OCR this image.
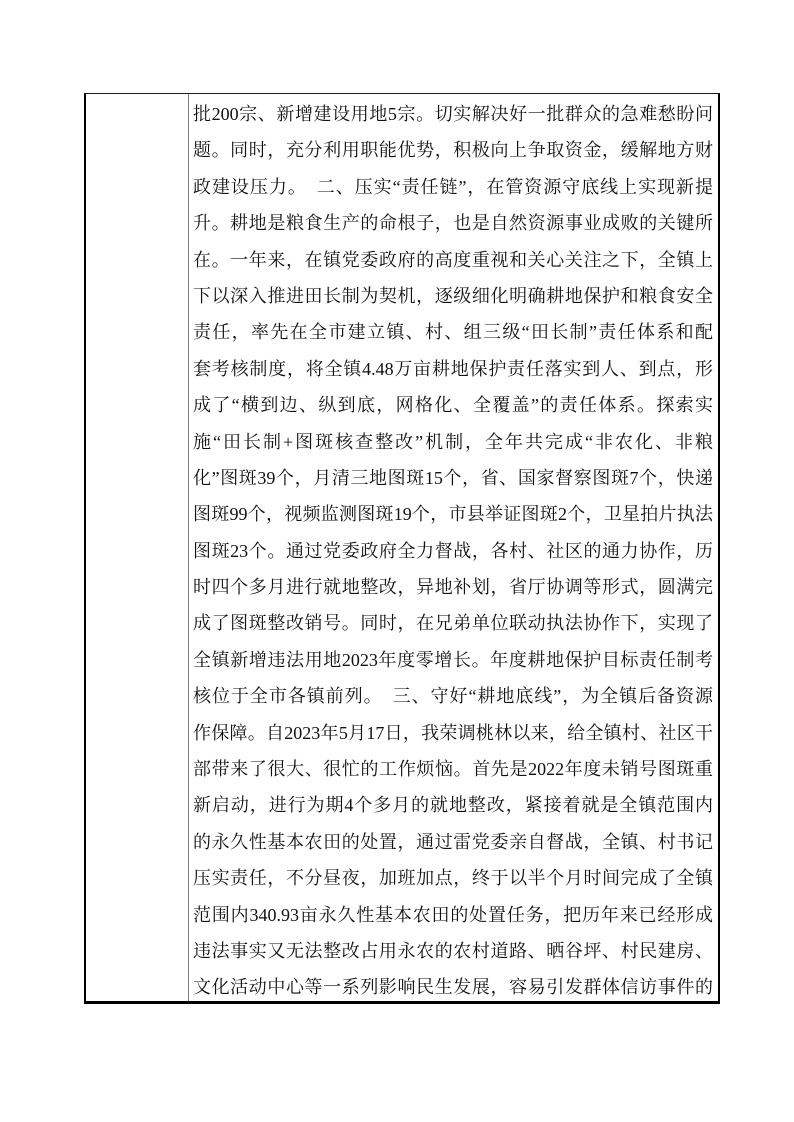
批200宗、新增建设用地5宗。切实解决好一批群众的急难愁盼问
题。同时，充分利用职能优势，积极向上争取资金，缓解地方财
政建设压力。　二、压实“责任链”，在管资源守底线上实现新提
升。耕地是粮食生产的命根子，也是自然资源事业成败的关键所
在。一年来，在镇党委政府的高度重视和关心关注之下，全镇上
下以深入推进田长制为契机，逐级细化明确耕地保护和粮食安全
责任，率先在全市建立镇、村、组三级“田长制”责任体系和配
套考核制度，将全镇4.48万亩耕地保护责任落实到人、到点，形
成了“横到边、纵到底，网格化、全覆盖”的责任体系。探索实
施“田长制+图斑核查整改”机制，全年共完成“非农化、非粮
化”图斑39个，月清三地图斑15个，省、国家督察图斑7个，快递
图斑99个，视频监测图斑19个，市县举证图斑2个，卫星拍片执法
图斑23个。通过党委政府全力督战，各村、社区的通力协作，历
时四个多月进行就地整改，异地补划，省厅协调等形式，圆满完
成了图斑整改销号。同时，在兄弟单位联动执法协作下，实现了
全镇新增违法用地2023年度零增长。年度耕地保护目标责任制考
核位于全市各镇前列。　三、守好“耕地底线”，为全镇后备资源
作保障。自2023年5月17日，我荣调桃林以来，给全镇村、社区干
部带来了很大、很忙的工作烦恼。首先是2022年度未销号图斑重
新启动，进行为期4个多月的就地整改，紧接着就是全镇范围内
的永久性基本农田的处置，通过雷党委亲自督战，全镇、村书记
压实责任，不分昼夜，加班加点，终于以半个月时间完成了全镇
范围内340.93亩永久性基本农田的处置任务，把历年来已经形成
违法事实又无法整改占用永农的农村道路、晒谷坪、村民建房、
文化活动中心等一系列影响民生发展，容易引发群体信访事件的
